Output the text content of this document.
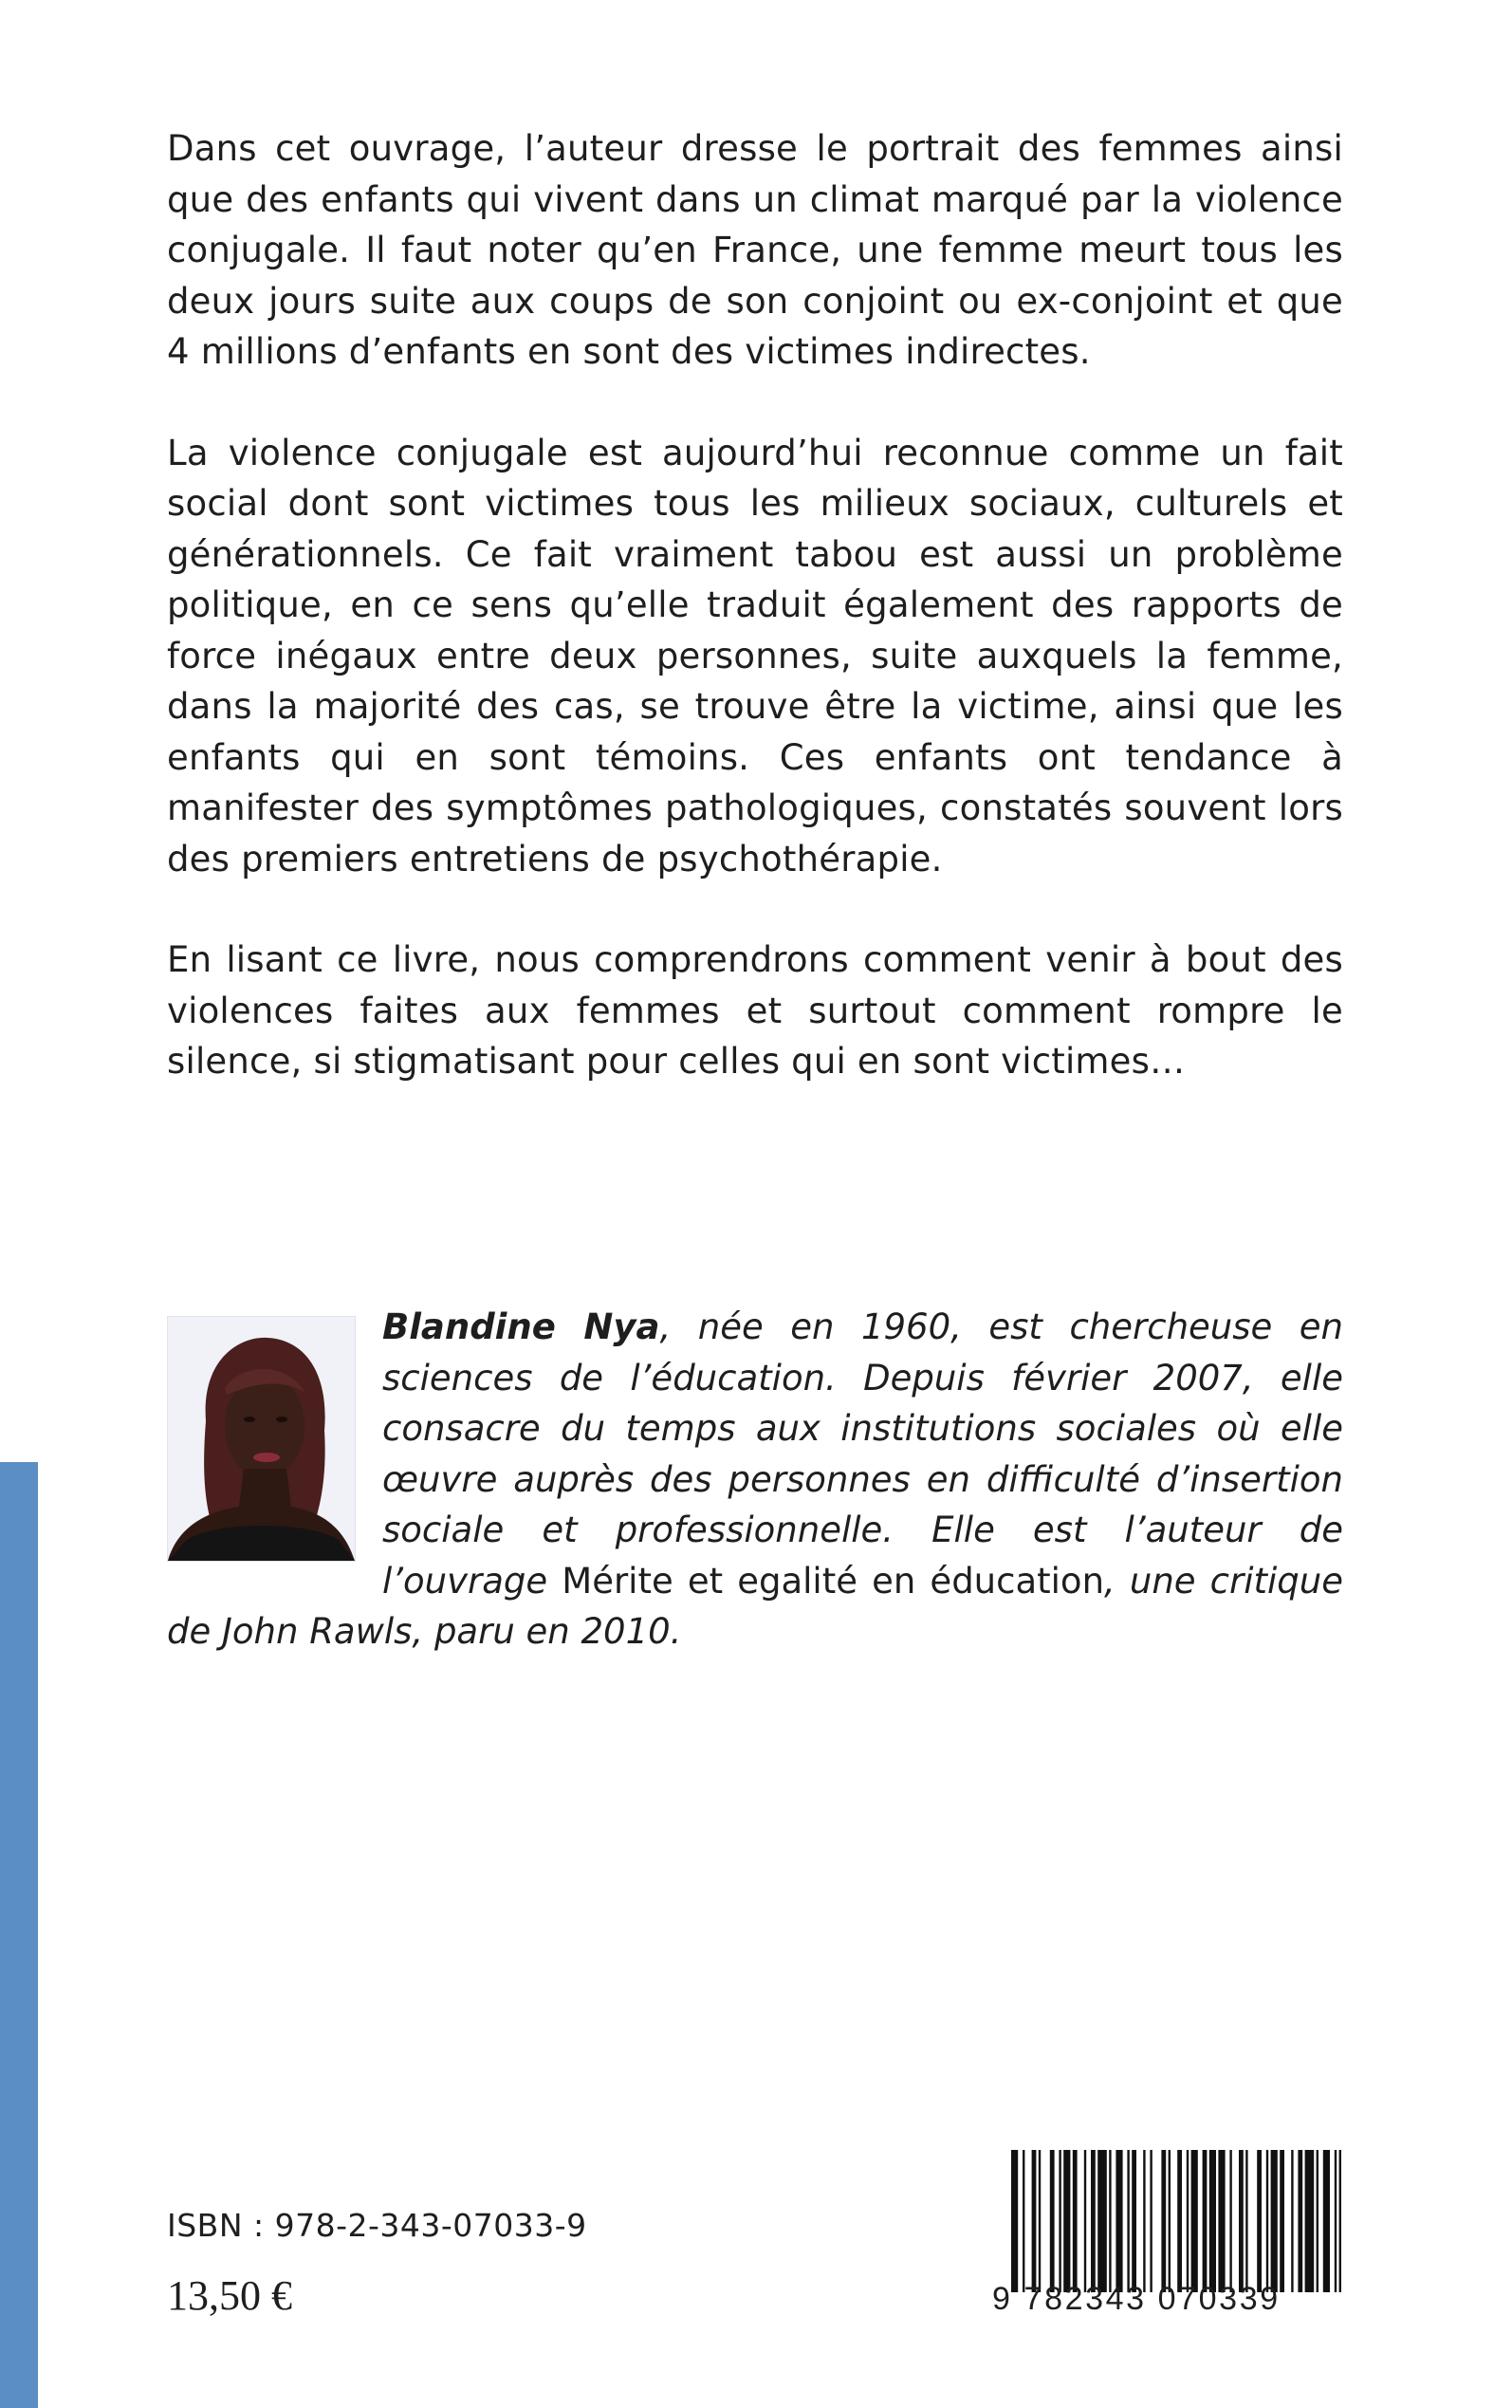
Dans cet ouvrage, l’auteur dresse le portrait des femmes ainsi que des enfants qui vivent dans un climat marqué par la violence conjugale. Il faut noter qu’en France, une femme meurt tous les deux jours suite aux coups de son conjoint ou ex-conjoint et que 4 millions d’enfants en sont des victimes indirectes.

La violence conjugale est aujourd’hui reconnue comme un fait social dont sont victimes tous les milieux sociaux, culturels et générationnels. Ce fait vraiment tabou est aussi un problème politique, en ce sens qu’elle traduit également des rapports de force inégaux entre deux personnes, suite auxquels la femme, dans la majorité des cas, se trouve être la victime, ainsi que les enfants qui en sont témoins. Ces enfants ont tendance à manifester des symptômes pathologiques, constatés souvent lors des premiers entretiens de psychothérapie.

En lisant ce livre, nous comprendrons comment venir à bout des violences faites aux femmes et surtout comment rompre le silence, si stigmatisant pour celles qui en sont victimes…

Blandine Nya, née en 1960, est chercheuse en sciences de l’éducation. Depuis février 2007, elle consacre du temps aux institutions sociales où elle œuvre auprès des personnes en difficulté d’insertion sociale et professionnelle. Elle est l’auteur de l’ouvrage Mérite et egalité en éducation, une critique de John Rawls, paru en 2010.
ISBN : 978-2-343-07033-9
13,50 €	9 782343 070339
